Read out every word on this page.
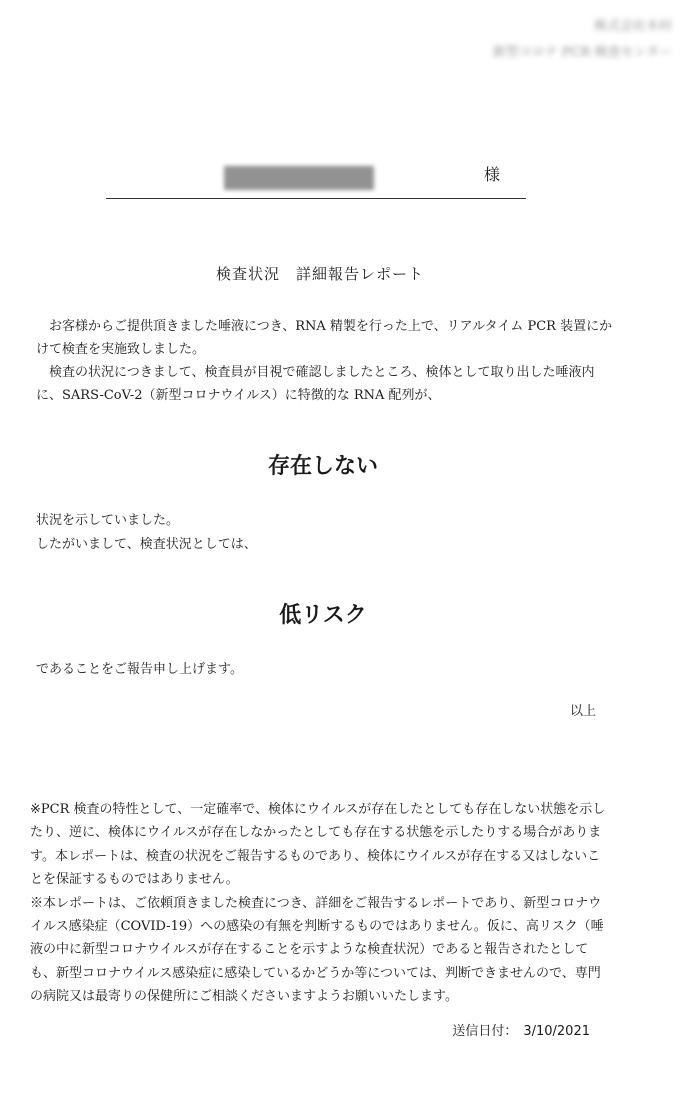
株式会社木村
新型コロナ PCR 検査センター
様
検査状況　詳細報告レポート

お客様からご提供頂きました唾液につき、RNA 精製を行った上で、リアルタイム PCR 装置にかけて検査を実施致しました。

検査の状況につきまして、検査員が目視で確認しましたところ、検体として取り出した唾液内に、SARS-CoV-2（新型コロナウイルス）に特徴的な RNA 配列が、

存在しない
状況を示していました。
したがいまして、検査状況としては、
低リスク
であることをご報告申し上げます。
以上

※PCR 検査の特性として、一定確率で、検体にウイルスが存在したとしても存在しない状態を示したり、逆に、検体にウイルスが存在しなかったとしても存在する状態を示したりする場合があります。本レポートは、検査の状況をご報告するものであり、検体にウイルスが存在する又はしないことを保証するものではありません。

※本レポートは、ご依頼頂きました検査につき、詳細をご報告するレポートであり、新型コロナウイルス感染症（COVID-19）への感染の有無を判断するものではありません。仮に、高リスク（唾液の中に新型コロナウイルスが存在することを示すような検査状況）であると報告されたとしても、新型コロナウイルス感染症に感染しているかどうか等については、判断できませんので、専門の病院又は最寄りの保健所にご相談くださいますようお願いいたします。

送信日付： 3/10/2021
